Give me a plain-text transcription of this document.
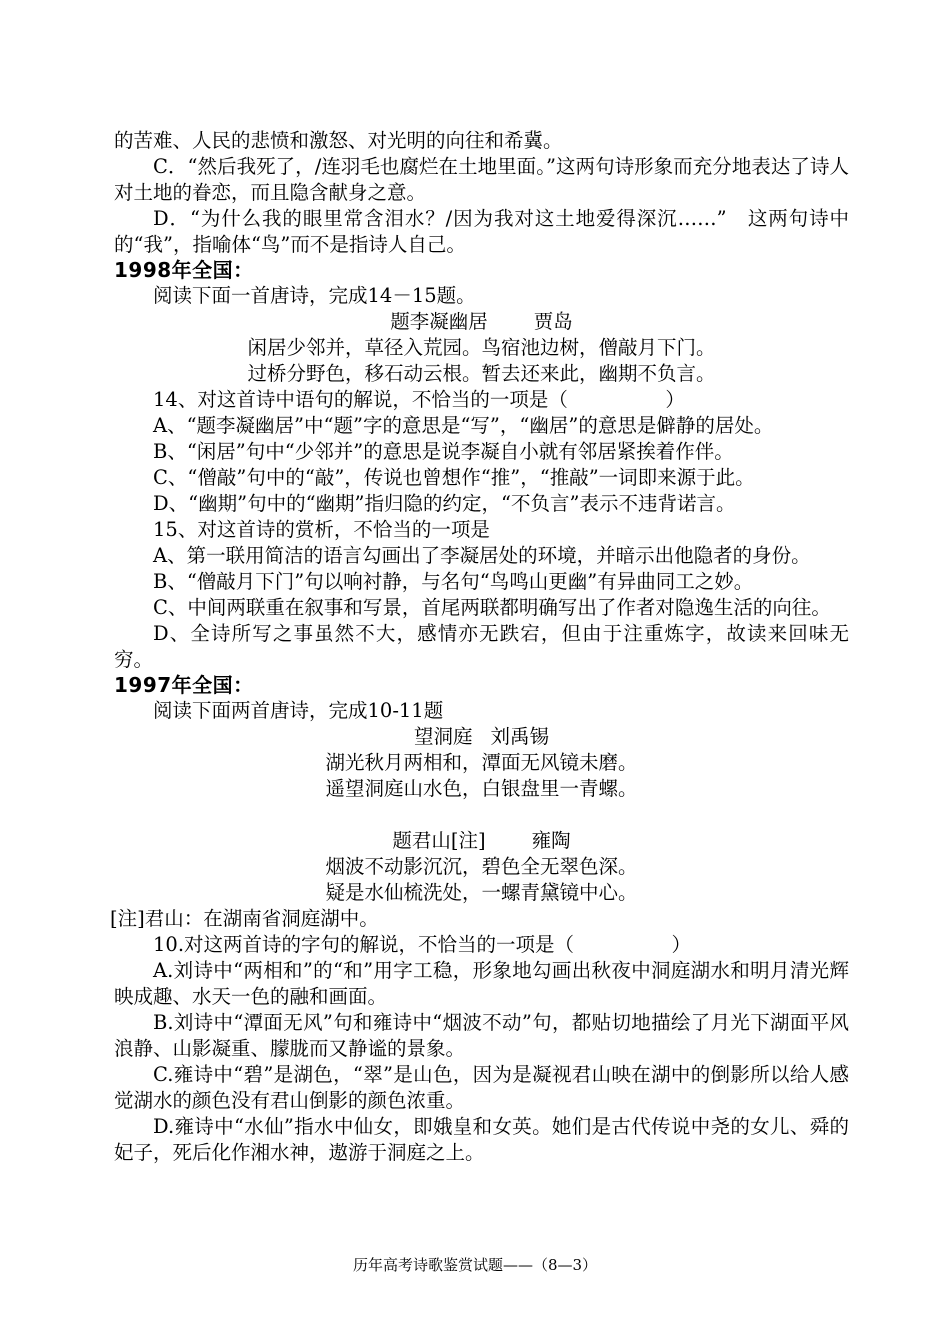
的苦难、人民的悲愤和激怒、对光明的向往和希冀。

C．“然后我死了，/连羽毛也腐烂在土地里面。”这两句诗形象而充分地表达了诗人对土地的眷恋，而且隐含献身之意。

D．“为什么我的眼里常含泪水？/因为我对这土地爱得深沉……”　这两句诗中的“我”，指喻体“鸟”而不是指诗人自己。

1998年全国：

阅读下面一首唐诗，完成14－15题。

题李凝幽居 贾岛

闲居少邻并，草径入荒园。鸟宿池边树，僧敲月下门。

过桥分野色，移石动云根。暂去还来此，幽期不负言。

14、对这首诗中语句的解说，不恰当的一项是（　　　　　）

A、“题李凝幽居”中“题”字的意思是“写”，“幽居”的意思是僻静的居处。

B、“闲居”句中“少邻并”的意思是说李凝自小就有邻居紧挨着作伴。

C、“僧敲”句中的“敲”，传说也曾想作“推”，“推敲”一词即来源于此。

D、“幽期”句中的“幽期”指归隐的约定，“不负言”表示不违背诺言。

15、对这首诗的赏析，不恰当的一项是

A、第一联用简洁的语言勾画出了李凝居处的环境，并暗示出他隐者的身份。

B、“僧敲月下门”句以响衬静，与名句“鸟鸣山更幽”有异曲同工之妙。

C、中间两联重在叙事和写景，首尾两联都明确写出了作者对隐逸生活的向往。

D、全诗所写之事虽然不大，感情亦无跌宕，但由于注重炼字，故读来回味无穷。

1997年全国：

阅读下面两首唐诗，完成10-11题

望洞庭 刘禹锡

湖光秋月两相和，潭面无风镜未磨。

遥望洞庭山水色，白银盘里一青螺。

题君山[注] 雍陶

烟波不动影沉沉，碧色全无翠色深。

疑是水仙梳洗处，一螺青黛镜中心。

[注]君山：在湖南省洞庭湖中。

10.对这两首诗的字句的解说，不恰当的一项是（　　　　　）

A.刘诗中“两相和”的“和”用字工稳，形象地勾画出秋夜中洞庭湖水和明月清光辉映成趣、水天一色的融和画面。

B.刘诗中“潭面无风”句和雍诗中“烟波不动”句，都贴切地描绘了月光下湖面平风浪静、山影凝重、朦胧而又静谧的景象。

C.雍诗中“碧”是湖色，“翠”是山色，因为是凝视君山映在湖中的倒影所以给人感觉湖水的颜色没有君山倒影的颜色浓重。

D.雍诗中“水仙”指水中仙女，即娥皇和女英。她们是古代传说中尧的女儿、舜的妃子，死后化作湘水神，遨游于洞庭之上。

历年高考诗歌鉴赏试题——（8—3）
